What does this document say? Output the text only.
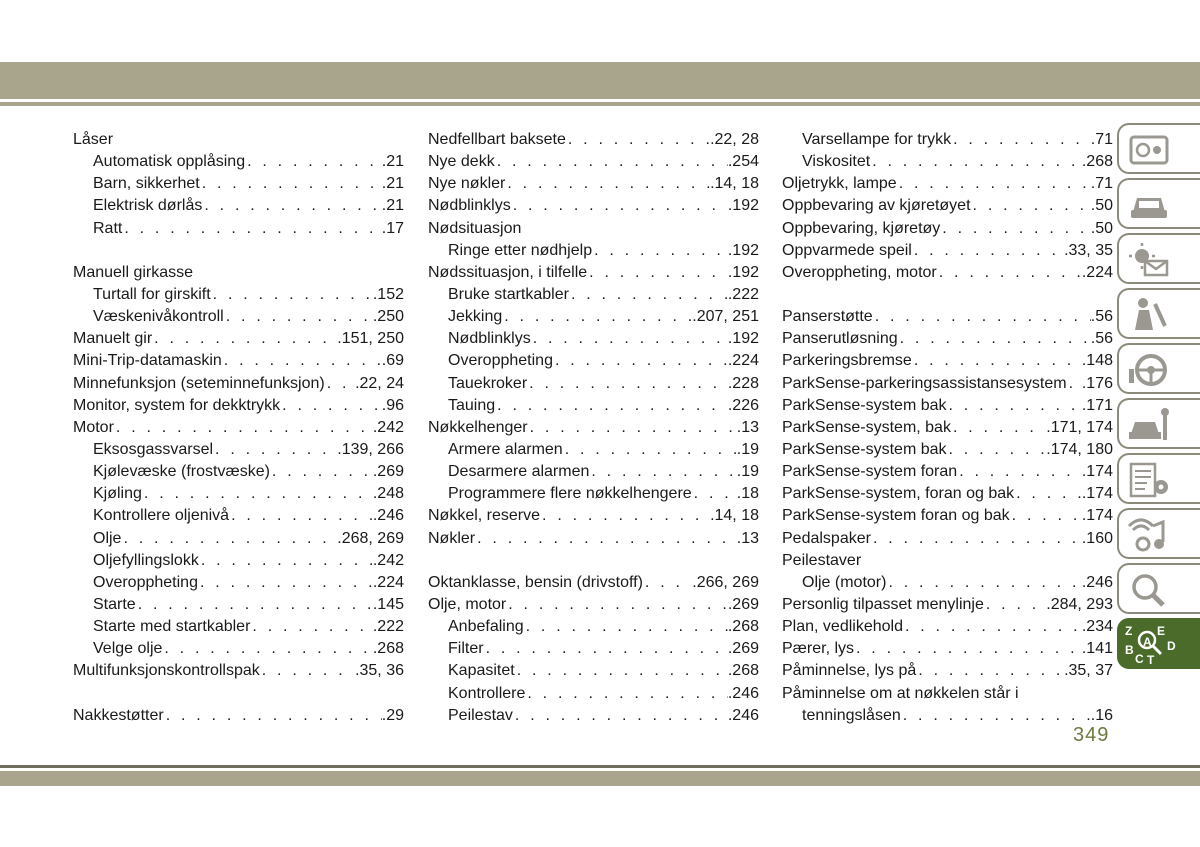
Låser
Automatisk opplåsing . . .	.21
Barn, sikkerhet . . .	.21
Elektrisk dørlås . . .	.21
Ratt . . .	.17
Manuell girkasse
Turtall for girskift . . .	.152
Væskenivåkontroll . . .	.250
Manuelt gir . . .	.151, 250
Mini-Trip-datamaskin . . .	.69
Minnefunksjon (seteminnefunksjon) . . . .22, 24
Monitor, system for dekktrykk . . .	.96
Motor . . .	.242
Eksosgassvarsel . . .	.139, 266
Kjølevæske (frostvæske) . . .	.269
Kjøling . . .	.248
Kontrollere oljenivå . . .	.246
Olje . . .	.268, 269
Oljefyllingslokk . . .	.242
Overoppheting . . .	.224
Starte . . .	.145
Starte med startkabler . . .	.222
Velge olje . . .	.268
Multifunksjonskontrollspak . . .	.35, 36
Nakkestøtter . . .	.29
Nedfellbart baksete . . .	.22, 28
Nye dekk . . .	.254
Nye nøkler . . .	.14, 18
Nødblinklys . . .	.192
Nødsituasjon
Ringe etter nødhjelp . . .	.192
Nødssituasjon, i tilfelle . . .	.192
Bruke startkabler . . .	.222
Jekking . . .	.207, 251
Nødblinklys . . .	.192
Overoppheting . . .	.224
Tauekroker . . .	.228
Tauing . . .	.226
Nøkkelhenger . . .	.13
Armere alarmen . . .	.19
Desarmere alarmen . . .	.19
Programmere flere nøkkelhengere . . .	.18
Nøkkel, reserve . . .	.14, 18
Nøkler . . .	.13
Oktanklasse, bensin (drivstoff) . . .	.266, 269
Olje, motor . . .	.269
Anbefaling . . .	.268
Filter . . .	.269
Kapasitet . . .	.268
Kontrollere . . .	.246
Peilestav . . .	.246
Varsellampe for trykk . . .	.71
Viskositet . . .	.268
Oljetrykk, lampe . . .	.71
Oppbevaring av kjøretøyet . . .	.50
Oppbevaring, kjøretøy . . .	.50
Oppvarmede speil . . .	.33, 35
Overoppheting, motor . . .	.224
Panserstøtte . . .	.56
Panserutløsning . . .	.56
Parkeringsbremse . . .	.148
ParkSense-parkeringsassistansesystem . . . .176
ParkSense-system bak . . .	.171
ParkSense-system, bak . . .	.171, 174
ParkSense-system bak . . .	.174, 180
ParkSense-system foran . . .	.174
ParkSense-system, foran og bak . . .	.174
ParkSense-system foran og bak . . .	.174
Pedalspaker . . .	.160
Peilestaver
Olje (motor) . . .	.246
Personlig tilpasset menylinje . . .	.284, 293
Plan, vedlikehold . . .	.234
Pærer, lys . . .	.141
Påminnelse, lys på . . .	.35, 37
Påminnelse om at nøkkelen står i
tenningslåsen . . .	.16
Z E
B
A
C
D
T
349
